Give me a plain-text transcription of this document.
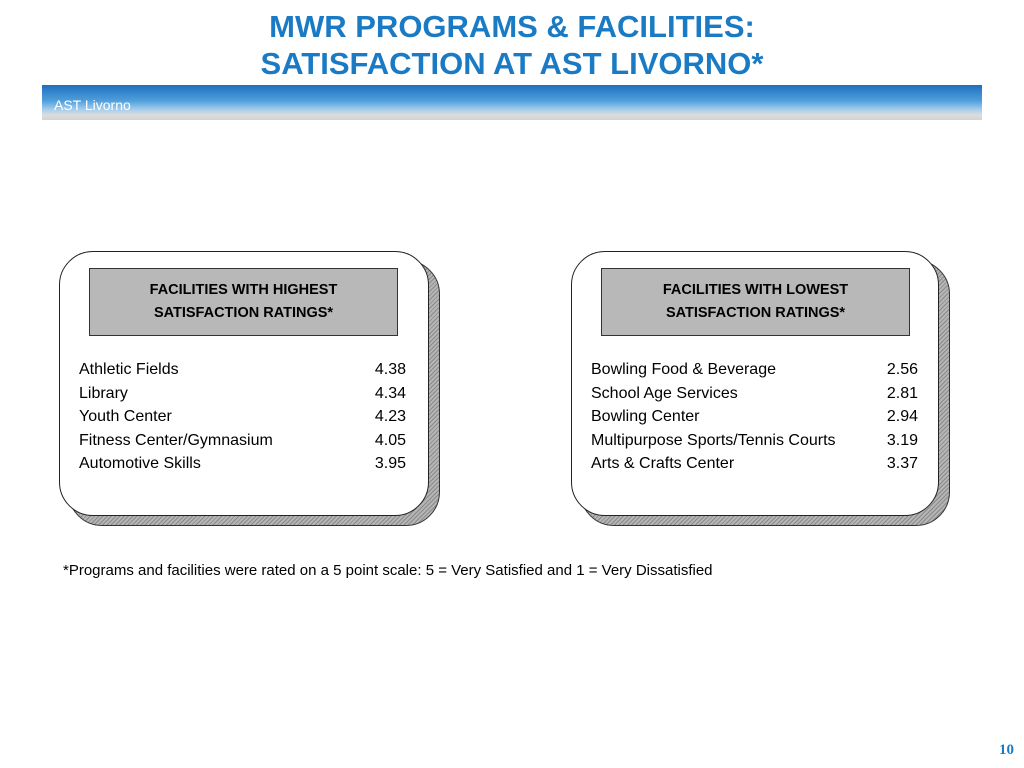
MWR PROGRAMS & FACILITIES:
SATISFACTION AT AST LIVORNO*
AST Livorno
FACILITIES WITH HIGHEST
SATISFACTION RATINGS*
Athletic Fields	4.38
Library	4.34
Youth Center	4.23
Fitness Center/Gymnasium	4.05
Automotive Skills	3.95
FACILITIES WITH LOWEST
SATISFACTION RATINGS*
Bowling Food & Beverage	2.56
School Age Services	2.81
Bowling Center	2.94
Multipurpose Sports/Tennis Courts	3.19
Arts & Crafts Center	3.37
*Programs and facilities were rated on a 5 point scale: 5 = Very Satisfied and 1 = Very Dissatisfied
10
